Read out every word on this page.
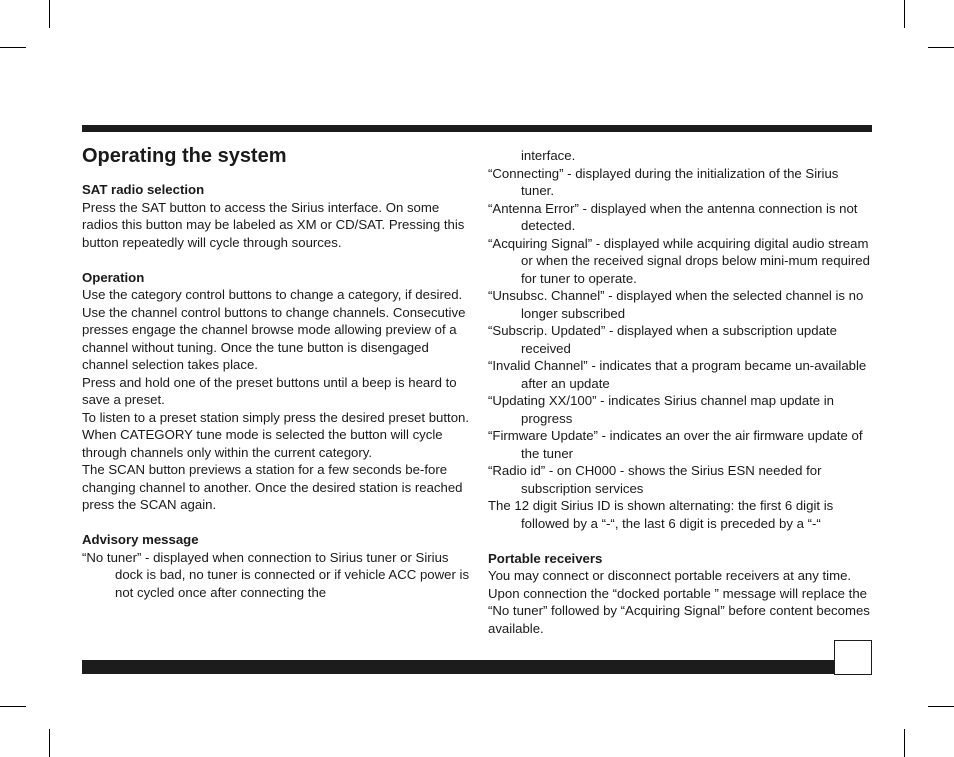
Operating the system
SAT radio selection

Press the SAT button to access the Sirius interface. On some radios this button may be labeled as XM or CD/SAT. Pressing this button repeatedly will cycle through sources.

Operation

Use the category control buttons to change a category, if desired.

Use the channel control buttons to change channels. Consecutive presses engage the channel browse mode allowing preview of a channel without tuning. Once the tune button is disengaged channel selection takes place.

Press and hold one of the preset buttons until a beep is heard to save a preset.

To listen to a preset station simply press the desired preset button.

When CATEGORY tune mode is selected the button will cycle through channels only within the current category.

The SCAN button previews a station for a few seconds be-fore changing channel to another. Once the desired station is reached press the SCAN again.

Advisory message

“No tuner” - displayed when connection to Sirius tuner or Sirius dock is bad, no tuner is connected or if vehicle ACC power is not cycled once after connecting the

interface.

“Connecting” - displayed during the initialization of the Sirius tuner.

“Antenna Error” - displayed when the antenna connection is not detected.

“Acquiring Signal” - displayed while acquiring digital audio stream or when the received signal drops below mini-mum required for tuner to operate.

“Unsubsc. Channel” - displayed when the selected channel is no longer subscribed

“Subscrip. Updated” - displayed when a subscription update received

“Invalid Channel” - indicates that a program became un-available after an update

“Updating XX/100” - indicates Sirius channel map update in progress

“Firmware Update” - indicates an over the air firmware update of the tuner

“Radio id” - on CH000 - shows the Sirius ESN needed for subscription services

The 12 digit Sirius ID is shown alternating: the first 6 digit is followed by a “-“, the last 6 digit is preceded by a “-“

Portable receivers

You may connect or disconnect portable receivers at any time. Upon connection the “docked portable ” message will replace the “No tuner” followed by “Acquiring Signal” before content becomes available.
